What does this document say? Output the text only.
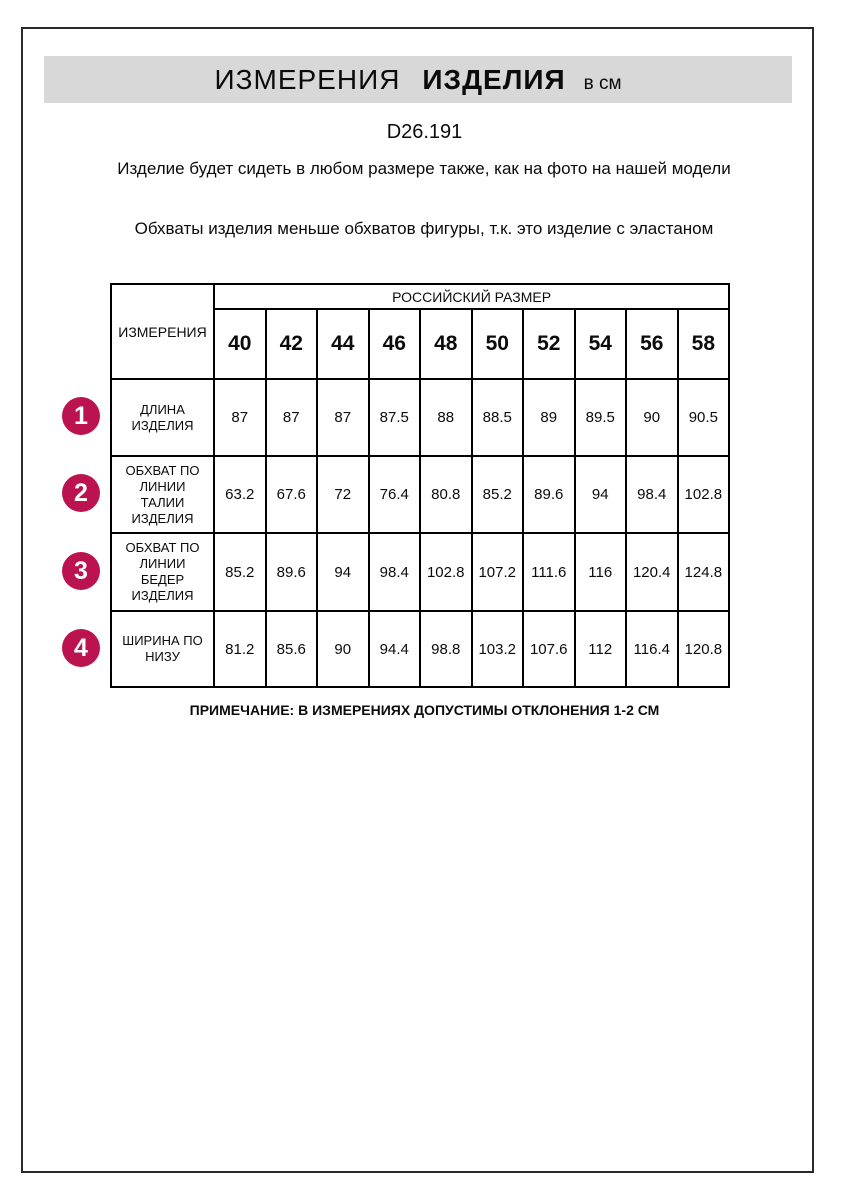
ИЗМЕРЕНИЯ ИЗДЕЛИЯ в см
D26.191
Изделие будет сидеть в любом размере также, как на фото на нашей модели
Обхваты изделия меньше обхватов фигуры, т.к. это изделие с эластаном
ИЗМЕРЕНИЯ	РОССИЙСКИЙ РАЗМЕР									
	40	42	44	46	48	50	52	54	56	58

ДЛИНА
ИЗДЕЛИЯ	87	87	87	87.5	88	88.5	89	89.5	90	90.5

ОБХВАТ ПО
ЛИНИИ
ТАЛИИ
ИЗДЕЛИЯ	63.2	67.6	72	76.4	80.8	85.2	89.6	94	98.4	102.8

ОБХВАТ ПО
ЛИНИИ
БЕДЕР
ИЗДЕЛИЯ	85.2	89.6	94	98.4	102.8	107.2	111.6	116	120.4	124.8

ШИРИНА ПО
НИЗУ	81.2	85.6	90	94.4	98.8	103.2	107.6	112	116.4	120.8
1
2
3
4
ПРИМЕЧАНИЕ: В ИЗМЕРЕНИЯХ ДОПУСТИМЫ ОТКЛОНЕНИЯ 1-2 СМ
